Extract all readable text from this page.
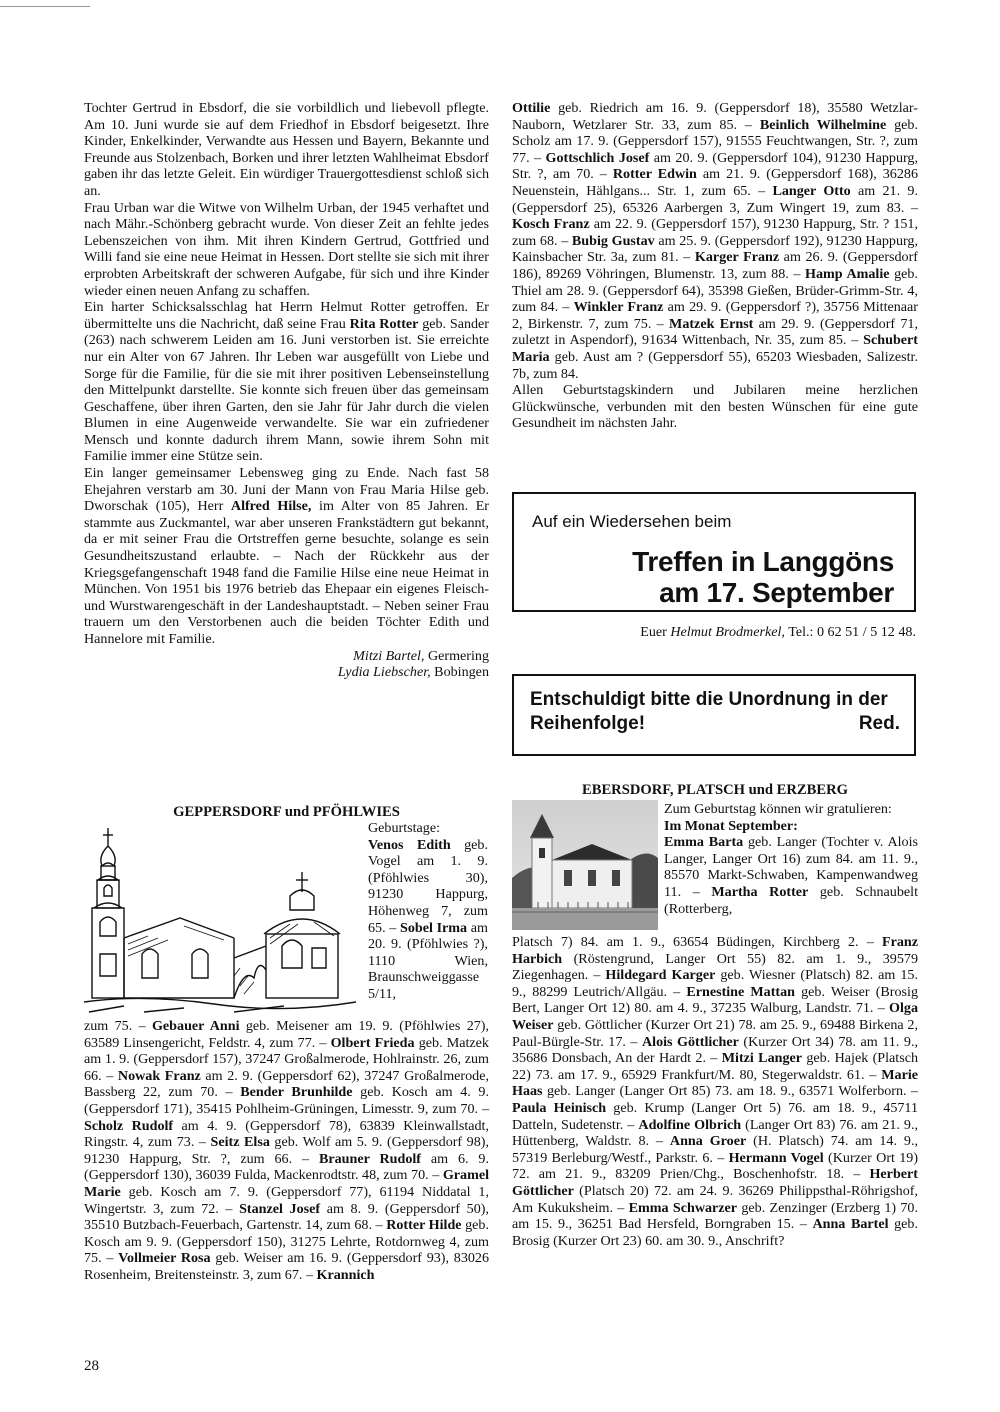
Tochter Gertrud in Ebsdorf, die sie vorbildlich und liebevoll pflegte. Am 10. Juni wurde sie auf dem Friedhof in Ebsdorf beigesetzt. Ihre Kinder, Enkelkinder, Verwandte aus Hessen und Bayern, Bekannte und Freunde aus Stolzenbach, Borken und ihrer letzten Wahlheimat Ebsdorf gaben ihr das letzte Geleit. Ein würdiger Trauergottesdienst schloß sich an.

Frau Urban war die Witwe von Wilhelm Urban, der 1945 verhaftet und nach Mähr.-Schönberg gebracht wurde. Von dieser Zeit an fehlte jedes Lebenszeichen von ihm. Mit ihren Kindern Gertrud, Gottfried und Willi fand sie eine neue Heimat in Hessen. Dort stellte sie sich mit ihrer erprobten Arbeitskraft der schweren Aufgabe, für sich und ihre Kinder wieder einen neuen Anfang zu schaffen.

Ein harter Schicksalsschlag hat Herrn Helmut Rotter getroffen. Er übermittelte uns die Nachricht, daß seine Frau Rita Rotter geb. Sander (263) nach schwerem Leiden am 16. Juni verstorben ist. Sie erreichte nur ein Alter von 67 Jahren. Ihr Leben war ausgefüllt von Liebe und Sorge für die Familie, für die sie mit ihrer positiven Lebenseinstellung den Mittelpunkt darstellte. Sie konnte sich freuen über das gemeinsam Geschaffene, über ihren Garten, den sie Jahr für Jahr durch die vielen Blumen in eine Augenweide verwandelte. Sie war ein zufriedener Mensch und konnte dadurch ihrem Mann, sowie ihrem Sohn mit Familie immer eine Stütze sein.

Ein langer gemeinsamer Lebensweg ging zu Ende. Nach fast 58 Ehejahren verstarb am 30. Juni der Mann von Frau Maria Hilse geb. Dworschak (105), Herr Alfred Hilse, im Alter von 85 Jahren. Er stammte aus Zuckmantel, war aber unseren Frankstädtern gut bekannt, da er mit seiner Frau die Ortstreffen gerne besuchte, solange es sein Gesundheitszustand erlaubte. – Nach der Rückkehr aus der Kriegsgefangenschaft 1948 fand die Familie Hilse eine neue Heimat in München. Von 1951 bis 1976 betrieb das Ehepaar ein eigenes Fleisch- und Wurstwarengeschäft in der Landeshauptstadt. – Neben seiner Frau trauern um den Verstorbenen auch die beiden Töchter Edith und Hannelore mit Familie.

Mitzi Bartel, Germering

Lydia Liebscher, Bobingen

Ottilie geb. Riedrich am 16. 9. (Geppersdorf 18), 35580 Wetzlar-Nauborn, Wetzlarer Str. 33, zum 85. – Beinlich Wilhelmine geb. Scholz am 17. 9. (Geppersdorf 157), 91555 Feuchtwangen, Str. ?, zum 77. – Gottschlich Josef am 20. 9. (Geppersdorf 104), 91230 Happurg, Str. ?, am 70. – Rotter Edwin am 21. 9. (Geppersdorf 168), 36286 Neuenstein, Hählgans... Str. 1, zum 65. – Langer Otto am 21. 9. (Geppersdorf 25), 65326 Aarbergen 3, Zum Wingert 19, zum 83. – Kosch Franz am 22. 9. (Geppersdorf 157), 91230 Happurg, Str. ? 151, zum 68. – Bubig Gustav am 25. 9. (Geppersdorf 192), 91230 Happurg, Kainsbacher Str. 3a, zum 81. – Karger Franz am 26. 9. (Geppersdorf 186), 89269 Vöhringen, Blumenstr. 13, zum 88. – Hamp Amalie geb. Thiel am 28. 9. (Geppersdorf 64), 35398 Gießen, Brüder-Grimm-Str. 4, zum 84. – Winkler Franz am 29. 9. (Geppersdorf ?), 35756 Mittenaar 2, Birkenstr. 7, zum 75. – Matzek Ernst am 29. 9. (Geppersdorf 71, zuletzt in Aspendorf), 91634 Wittenbach, Nr. 35, zum 85. – Schubert Maria geb. Aust am ? (Geppersdorf 55), 65203 Wiesbaden, Salizestr. 7b, zum 84.

Allen Geburtstagskindern und Jubilaren meine herzlichen Glückwünsche, verbunden mit den besten Wünschen für eine gute Gesundheit im nächsten Jahr.

Auf ein Wiedersehen beim
Treffen in Langgöns
am 17. September
Euer Helmut Brodmerkel, Tel.: 0 62 51 / 5 12 48.
Entschuldigt bitte die Unordnung in der
Reihenfolge!	Red.
GEPPERSDORF und PFÖHLWIES
Geburtstage:
Venos Edith geb. Vogel am 1. 9. (Pföhlwies 30), 91230 Happurg, Höhenweg 7, zum 65. – Sobel Irma am 20. 9. (Pföhlwies ?), 1110 Wien, Braunschweiggasse 5/11,
zum 75. – Gebauer Anni geb. Meisener am 19. 9. (Pföhlwies 27), 63589 Linsengericht, Feldstr. 4, zum 77. – Olbert Frieda geb. Matzek am 1. 9. (Geppersdorf 157), 37247 Großalmerode, Hohlrainstr. 26, zum 66. – Nowak Franz am 2. 9. (Geppersdorf 62), 37247 Großalmerode, Bassberg 22, zum 70. – Bender Brunhilde geb. Kosch am 4. 9. (Geppersdorf 171), 35415 Pohlheim-Grüningen, Limesstr. 9, zum 70. – Scholz Rudolf am 4. 9. (Geppersdorf 78), 63839 Kleinwallstadt, Ringstr. 4, zum 73. – Seitz Elsa geb. Wolf am 5. 9. (Geppersdorf 98), 91230 Happurg, Str. ?, zum 66. – Brauner Rudolf am 6. 9. (Geppersdorf 130), 36039 Fulda, Mackenrodtstr. 48, zum 70. – Gramel Marie geb. Kosch am 7. 9. (Geppersdorf 77), 61194 Niddatal 1, Wingertstr. 3, zum 72. – Stanzel Josef am 8. 9. (Geppersdorf 50), 35510 Butzbach-Feuerbach, Gartenstr. 14, zum 68. – Rotter Hilde geb. Kosch am 9. 9. (Geppersdorf 150), 31275 Lehrte, Rotdornweg 4, zum 75. – Vollmeier Rosa geb. Weiser am 16. 9. (Geppersdorf 93), 83026 Rosenheim, Breitensteinstr. 3, zum 67. – Krannich
EBERSDORF, PLATSCH und ERZBERG
Zum Geburtstag können wir gratulieren:
Im Monat September:
Emma Barta geb. Langer (Tochter v. Alois Langer, Langer Ort 16) zum 84. am 11. 9., 85570 Markt-Schwaben, Kampenwandweg 11. – Martha Rotter geb. Schnaubelt (Rotterberg,
Platsch 7) 84. am 1. 9., 63654 Büdingen, Kirchberg 2. – Franz Harbich (Röstengrund, Langer Ort 55) 82. am 1. 9., 39579 Ziegenhagen. – Hildegard Karger geb. Wiesner (Platsch) 82. am 15. 9., 88299 Leutrich/Allgäu. – Ernestine Mattan geb. Weiser (Brosig Bert, Langer Ort 12) 80. am 4. 9., 37235 Walburg, Landstr. 71. – Olga Weiser geb. Göttlicher (Kurzer Ort 21) 78. am 25. 9., 69488 Birkena 2, Paul-Bürgle-Str. 17. – Alois Göttlicher (Kurzer Ort 34) 78. am 11. 9., 35686 Donsbach, An der Hardt 2. – Mitzi Langer geb. Hajek (Platsch 22) 73. am 17. 9., 65929 Frankfurt/M. 80, Stegerwaldstr. 61. – Marie Haas geb. Langer (Langer Ort 85) 73. am 18. 9., 63571 Wolferborn. – Paula Heinisch geb. Krump (Langer Ort 5) 76. am 18. 9., 45711 Datteln, Sudetenstr. – Adolfine Olbrich (Langer Ort 83) 76. am 21. 9., Hüttenberg, Waldstr. 8. – Anna Groer (H. Platsch) 74. am 14. 9., 57319 Berleburg/Westf., Parkstr. 6. – Hermann Vogel (Kurzer Ort 19) 72. am 21. 9., 83209 Prien/Chg., Boschenhofstr. 18. – Herbert Göttlicher (Platsch 20) 72. am 24. 9. 36269 Philippsthal-Röhrigshof, Am Kukuksheim. – Emma Schwarzer geb. Zenzinger (Erzberg 1) 70. am 15. 9., 36251 Bad Hersfeld, Borngraben 15. – Anna Bartel geb. Brosig (Kurzer Ort 23) 60. am 30. 9., Anschrift?
28
